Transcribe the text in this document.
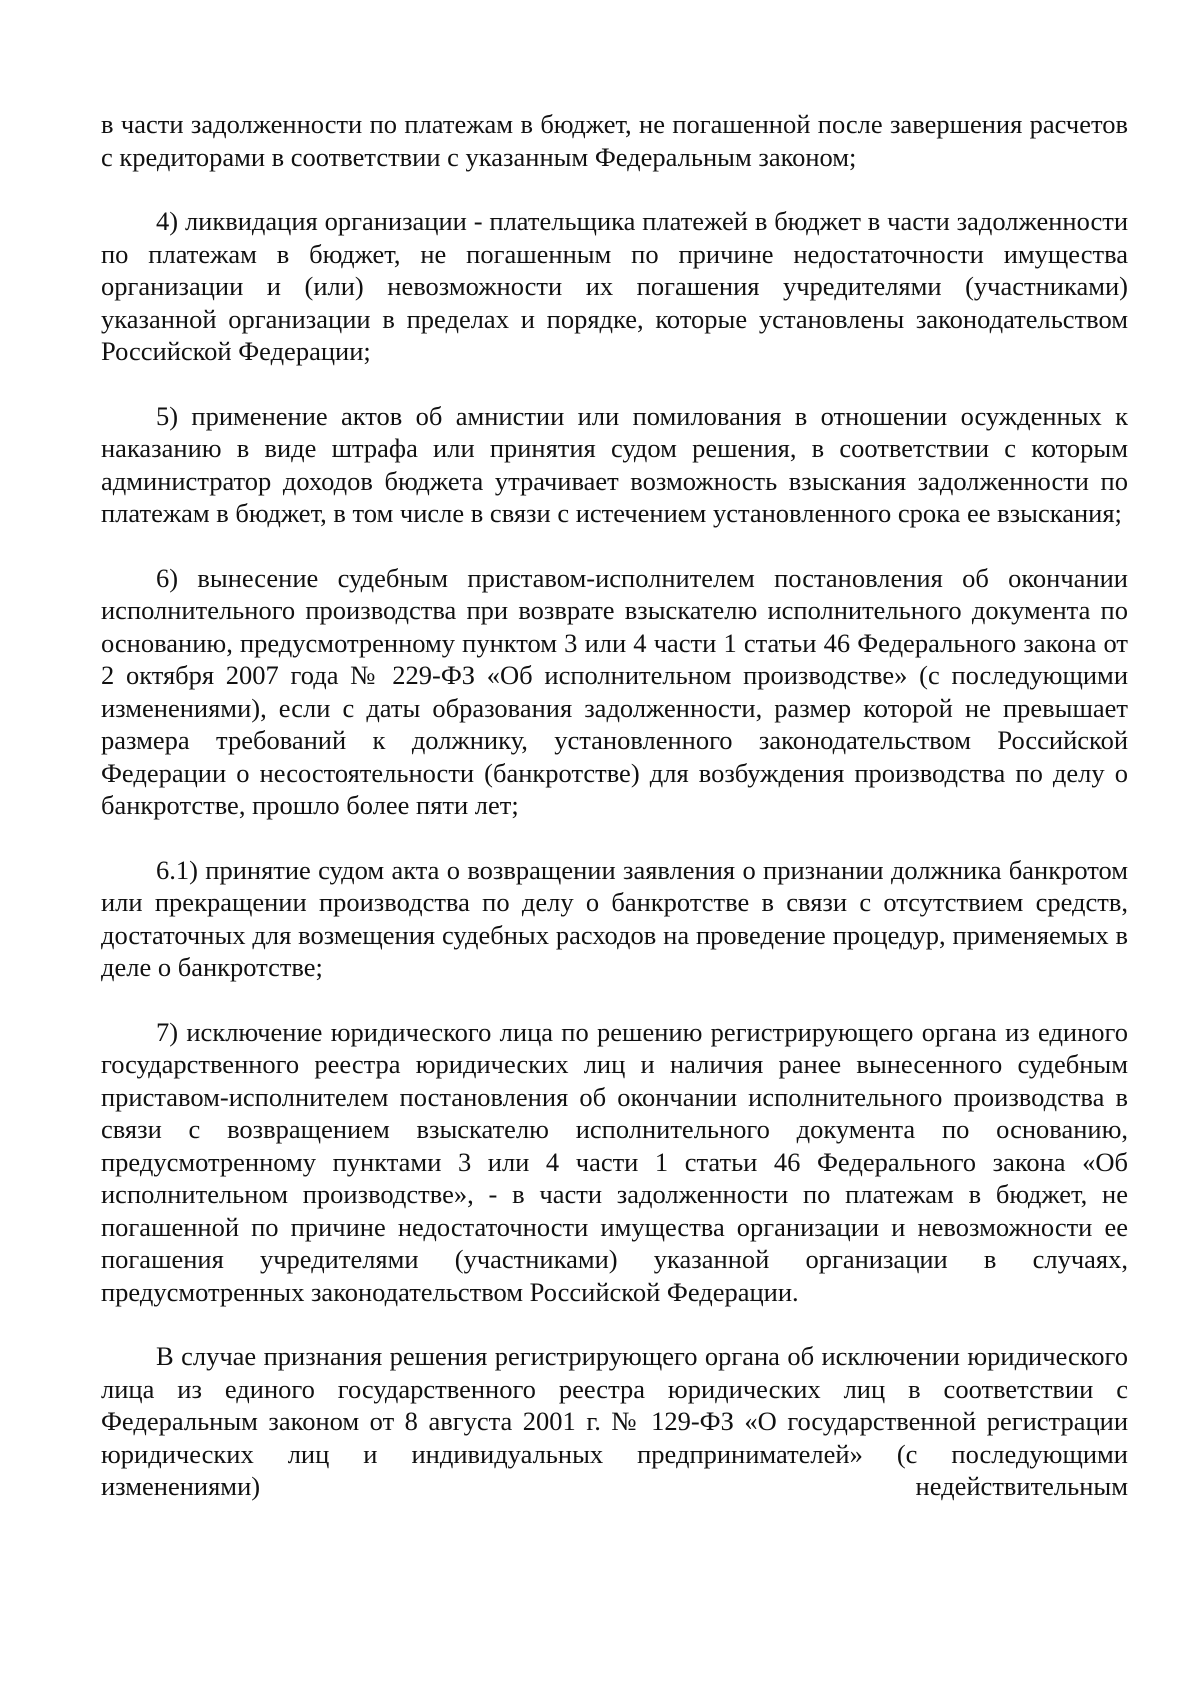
в части задолженности по платежам в бюджет, не погашенной после завершения расчетов с кредиторами в соответствии с указанным Федеральным законом;

4) ликвидация организации - плательщика платежей в бюджет в части задолженности по платежам в бюджет, не погашенным по причине недостаточности имущества организации и (или) невозможности их погашения учредителями (участниками) указанной организации в пределах и порядке, которые установлены законодательством Российской Федерации;

5) применение актов об амнистии или помилования в отношении осужденных к наказанию в виде штрафа или принятия судом решения, в соответствии с которым администратор доходов бюджета утрачивает возможность взыскания задолженности по платежам в бюджет, в том числе в связи с истечением установленного срока ее взыскания;

6) вынесение судебным приставом-исполнителем постановления об окончании исполнительного производства при возврате взыскателю исполнительного документа по основанию, предусмотренному пунктом 3 или 4 части 1 статьи 46 Федерального закона от 2 октября 2007 года № 229-ФЗ «Об исполнительном производстве» (с последующими изменениями), если с даты образования задолженности, размер которой не превышает размера требований к должнику, установленного законодательством Российской Федерации о несостоятельности (банкротстве) для возбуждения производства по делу о банкротстве, прошло более пяти лет;

6.1) принятие судом акта о возвращении заявления о признании должника банкротом или прекращении производства по делу о банкротстве в связи с отсутствием средств, достаточных для возмещения судебных расходов на проведение процедур, применяемых в деле о банкротстве;

7) исключение юридического лица по решению регистрирующего органа из единого государственного реестра юридических лиц и наличия ранее вынесенного судебным приставом-исполнителем постановления об окончании исполнительного производства в связи с возвращением взыскателю исполнительного документа по основанию, предусмотренному пунктами 3 или 4 части 1 статьи 46 Федерального закона «Об исполнительном производстве», - в части задолженности по платежам в бюджет, не погашенной по причине недостаточности имущества организации и невозможности ее погашения учредителями (участниками) указанной организации в случаях, предусмотренных законодательством Российской Федерации.

В случае признания решения регистрирующего органа об исключении юридического лица из единого государственного реестра юридических лиц в соответствии с Федеральным законом от 8 августа 2001 г. № 129-ФЗ «О государственной регистрации юридических лиц и индивидуальных предпринимателей» (с последующими изменениями) недействительным
